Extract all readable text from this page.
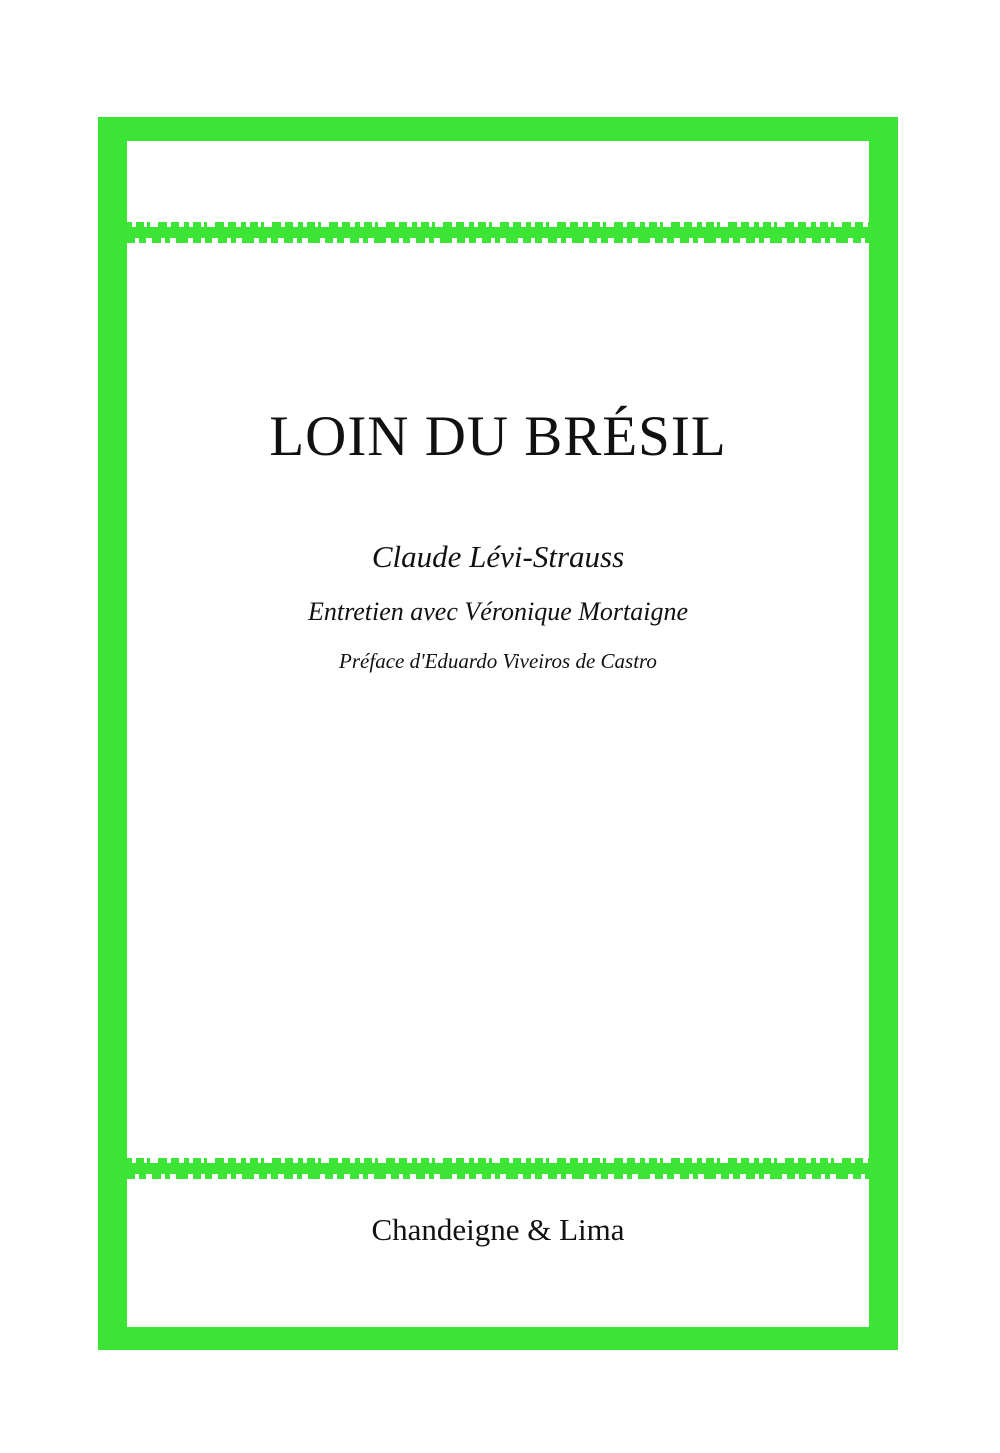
LOIN DU BRÉSIL

Claude Lévi-Strauss

Entretien avec Véronique Mortaigne

Préface d'Eduardo Viveiros de Castro

Chandeigne & Lima
